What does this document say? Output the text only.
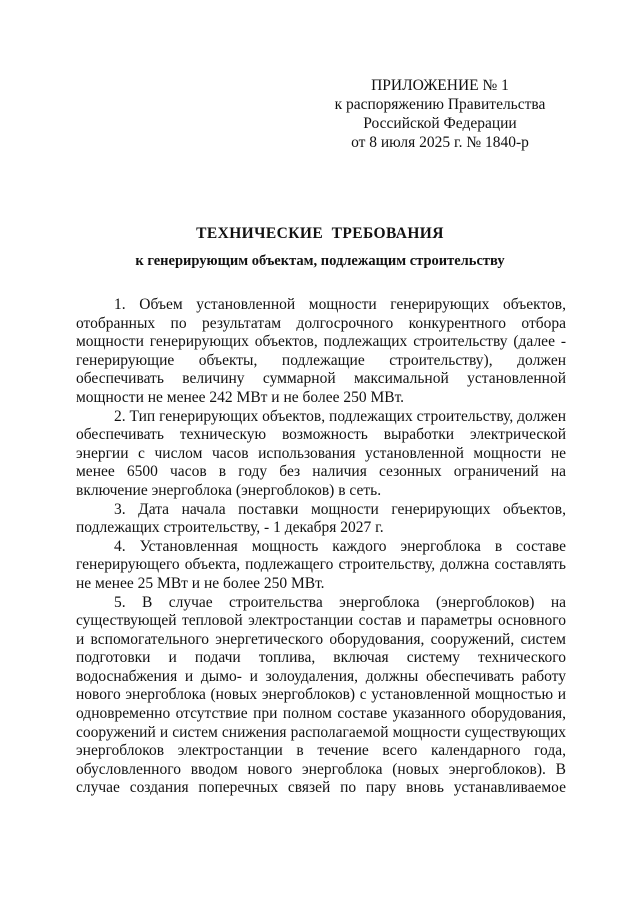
ПРИЛОЖЕНИЕ № 1
к распоряжению Правительства
Российской Федерации
от 8 июля 2025 г. № 1840-р
ТЕХНИЧЕСКИЕ  ТРЕБОВАНИЯ
к генерирующим объектам, подлежащим строительству

1. Объем установленной мощности генерирующих объектов, отобранных по результатам долгосрочного конкурентного отбора мощности генерирующих объектов, подлежащих строительству (далее - генерирующие объекты, подлежащие строительству), должен обеспечивать величину суммарной максимальной установленной мощности не менее 242 МВт и не более 250 МВт.

2. Тип генерирующих объектов, подлежащих строительству, должен обеспечивать техническую возможность выработки электрической энергии с числом часов использования установленной мощности не менее 6500 часов в году без наличия сезонных ограничений на включение энергоблока (энергоблоков) в сеть.

3. Дата начала поставки мощности генерирующих объектов, подлежащих строительству, - 1 декабря 2027 г.

4. Установленная мощность каждого энергоблока в составе генерирующего объекта, подлежащего строительству, должна составлять не менее 25 МВт и не более 250 МВт.

5. В случае строительства энергоблока (энергоблоков) на существующей тепловой электростанции состав и параметры основного и вспомогательного энергетического оборудования, сооружений, систем подготовки и подачи топлива, включая систему технического водоснабжения и дымо- и золоудаления, должны обеспечивать работу нового энергоблока (новых энергоблоков) с установленной мощностью и одновременно отсутствие при полном составе указанного оборудования, сооружений и систем снижения располагаемой мощности существующих энергоблоков электростанции в течение всего календарного года, обусловленного вводом нового энергоблока (новых энергоблоков). В случае создания поперечных связей по пару вновь устанавливаемое
